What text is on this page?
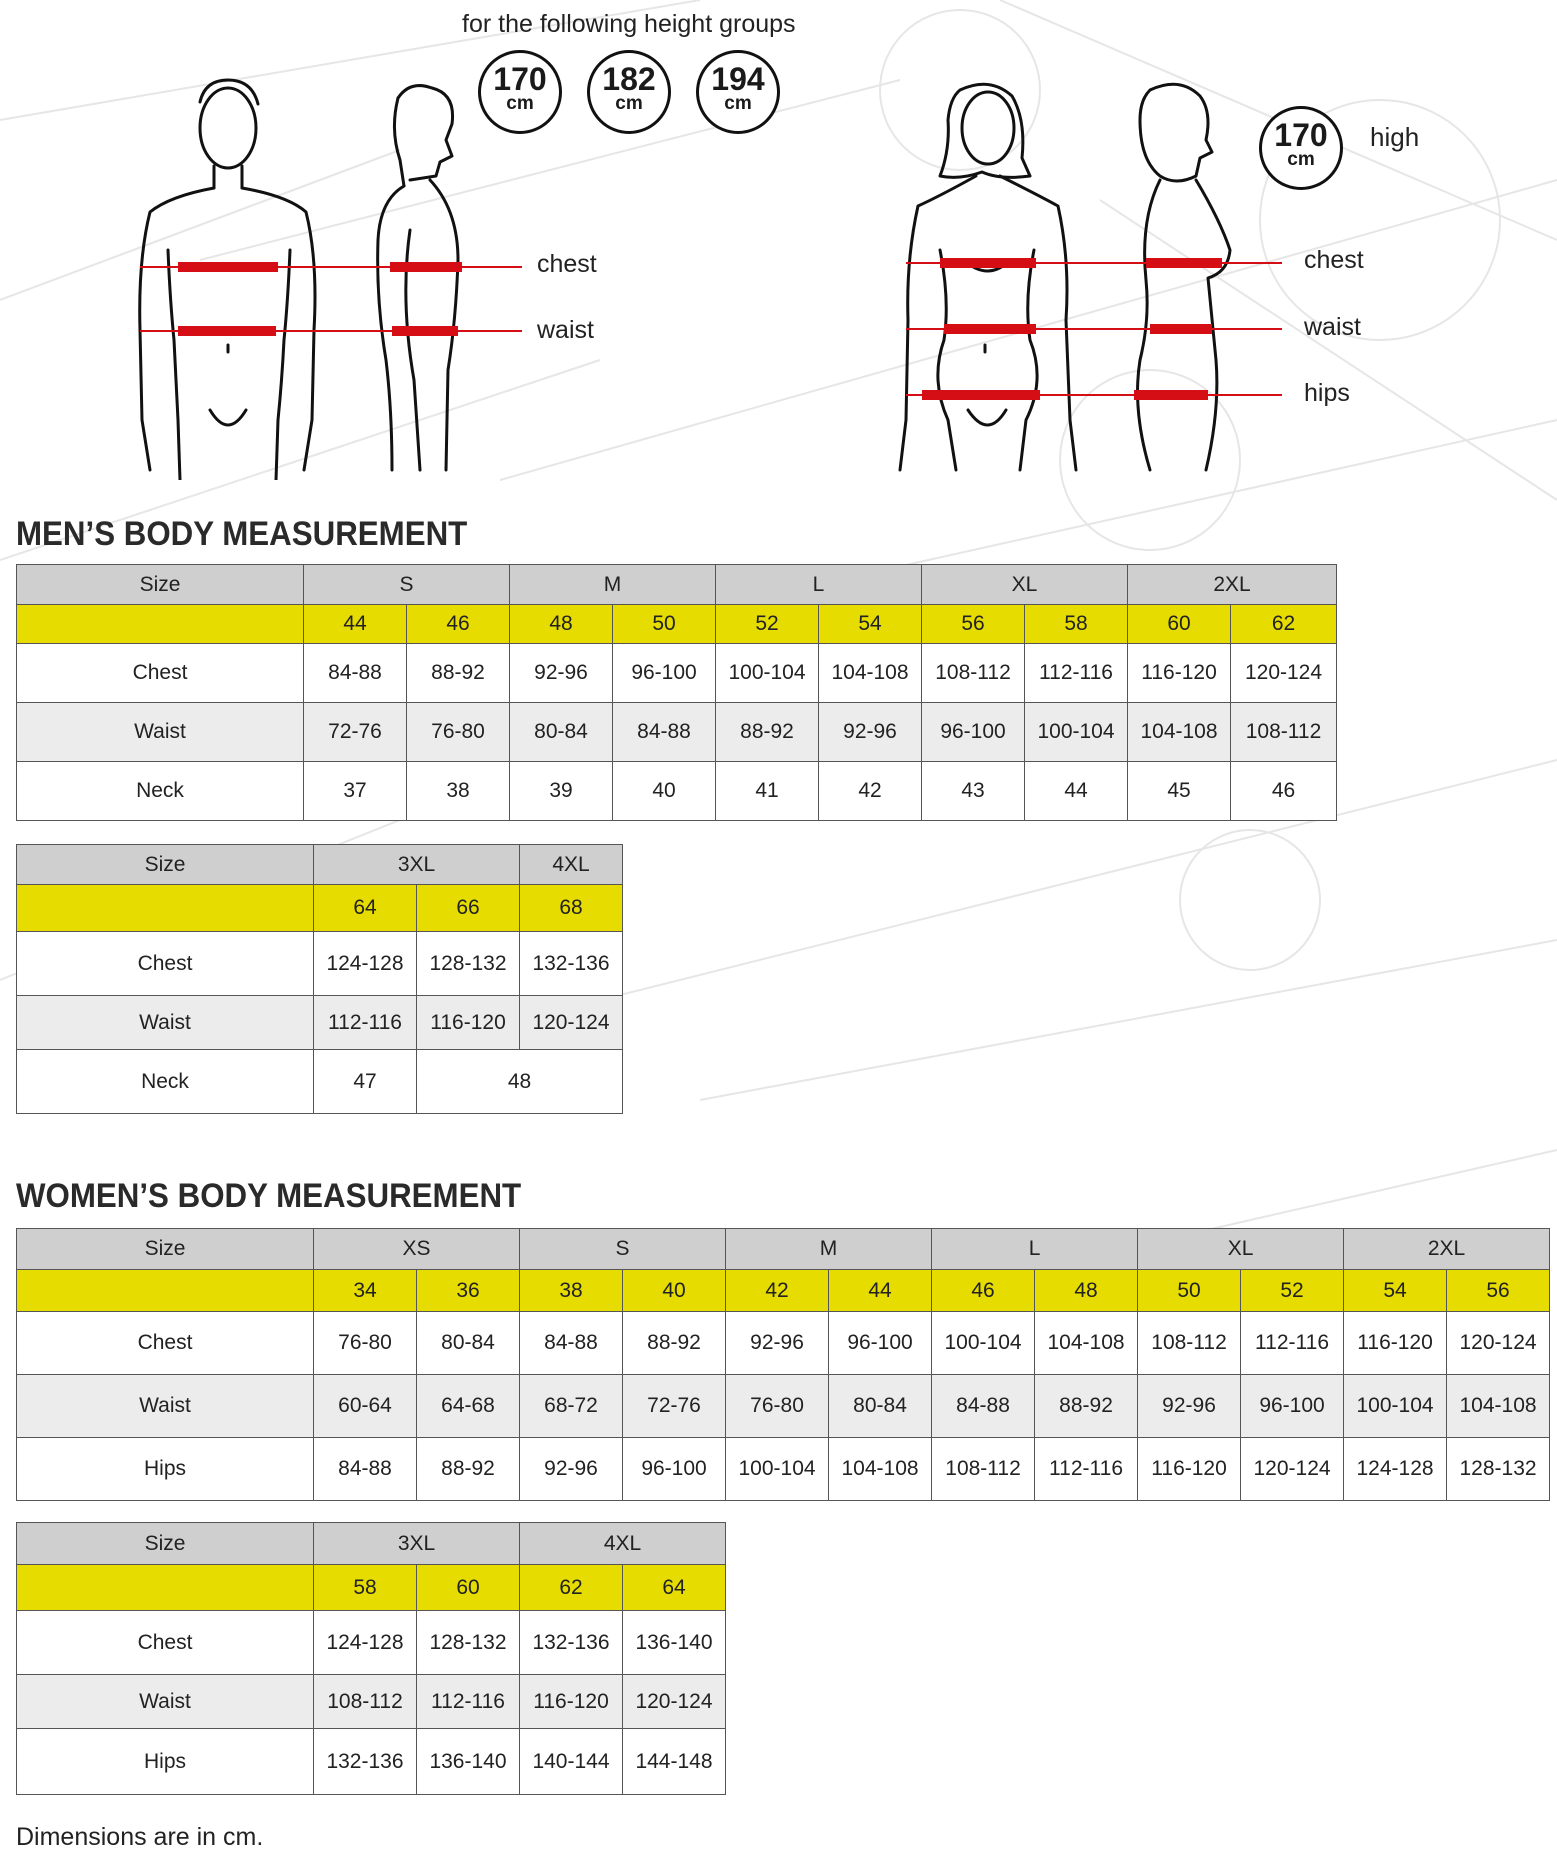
for the following height groups
170
cm
182
cm
194
cm
170
cm
high
chest
waist
chest
waist
hips
MEN’S BODY MEASUREMENT
Size	S		M		L		XL		2XL	
	44	46	48	50	52	54	56	58	60	62
Chest	84-88	88-92	92-96	96-100	100-104	104-108	108-112	112-116	116-120	120-124
Waist	72-76	76-80	80-84	84-88	88-92	92-96	96-100	100-104	104-108	108-112
Neck	37	38	39	40	41	42	43	44	45	46
Size	3XL		4XL
	64	66	68
Chest	124-128	128-132	132-136
Waist	112-116	116-120	120-124
Neck	47	48	
WOMEN’S BODY MEASUREMENT
Size	XS		S		M		L		XL		2XL	
	34	36	38	40	42	44	46	48	50	52	54	56
Chest	76-80	80-84	84-88	88-92	92-96	96-100	100-104	104-108	108-112	112-116	116-120	120-124
Waist	60-64	64-68	68-72	72-76	76-80	80-84	84-88	88-92	92-96	96-100	100-104	104-108
Hips	84-88	88-92	92-96	96-100	100-104	104-108	108-112	112-116	116-120	120-124	124-128	128-132
Size	3XL		4XL	
	58	60	62	64
Chest	124-128	128-132	132-136	136-140
Waist	108-112	112-116	116-120	120-124
Hips	132-136	136-140	140-144	144-148
Dimensions are in cm.
